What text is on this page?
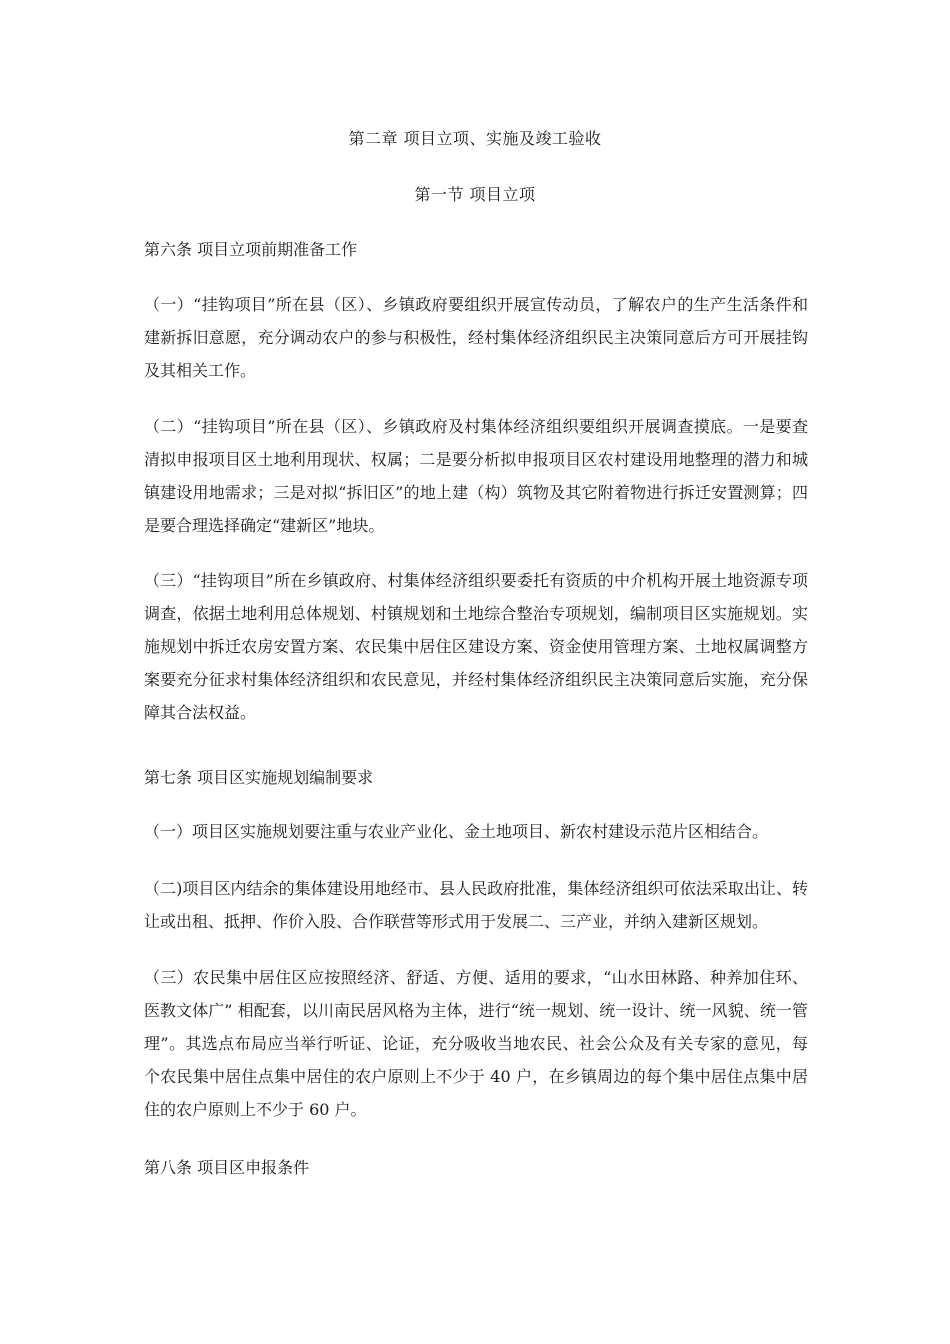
第二章 项目立项、实施及竣工验收
第一节 项目立项
第六条 项目立项前期准备工作
（一）“挂钩项目”所在县（区）、乡镇政府要组织开展宣传动员，了解农户的生产生活条件和建新拆旧意愿，充分调动农户的参与积极性，经村集体经济组织民主决策同意后方可开展挂钩及其相关工作。
（二）“挂钩项目”所在县（区）、乡镇政府及村集体经济组织要组织开展调查摸底。一是要查清拟申报项目区土地利用现状、权属；二是要分析拟申报项目区农村建设用地整理的潜力和城镇建设用地需求；三是对拟“拆旧区”的地上建（构）筑物及其它附着物进行拆迁安置测算；四是要合理选择确定“建新区”地块。
（三）“挂钩项目”所在乡镇政府、村集体经济组织要委托有资质的中介机构开展土地资源专项调查，依据土地利用总体规划、村镇规划和土地综合整治专项规划，编制项目区实施规划。实施规划中拆迁农房安置方案、农民集中居住区建设方案、资金使用管理方案、土地权属调整方案要充分征求村集体经济组织和农民意见，并经村集体经济组织民主决策同意后实施，充分保障其合法权益。
第七条 项目区实施规划编制要求
（一）项目区实施规划要注重与农业产业化、金土地项目、新农村建设示范片区相结合。
（二)项目区内结余的集体建设用地经市、县人民政府批准，集体经济组织可依法采取出让、转让或出租、抵押、作价入股、合作联营等形式用于发展二、三产业，并纳入建新区规划。
（三）农民集中居住区应按照经济、舒适、方便、适用的要求，“山水田林路、种养加住环、医教文体广” 相配套，以川南民居风格为主体，进行“统一规划、统一设计、统一风貌、统一管理”。其选点布局应当举行听证、论证，充分吸收当地农民、社会公众及有关专家的意见，每个农民集中居住点集中居住的农户原则上不少于 40 户，在乡镇周边的每个集中居住点集中居住的农户原则上不少于 60 户。
第八条 项目区申报条件
